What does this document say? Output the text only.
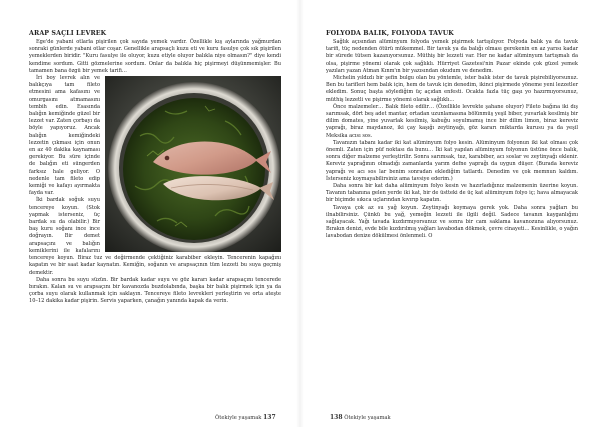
ARAP SAÇLI LEVREK

Ege'de yabani otlarla pişirilen çok sayıda yemek vardır. Özellikle kış aylarında yağmurdan sonraki günlerde yabani otlar coşar. Genellikle arapsaçlı kuzu eti ve kuru fasulye çok sık pişirilen yemeklerden biridir. "Kuru fasulye ile oluyor, kuzu etiyle oluyor balıkla niye olmasın?" diye kendi kendime sordum. Gitti gözmelerine sordum. Onlar da balıkla hiç pişirmeyi düşünmemişler. Bu tamamen bana özgü bir yemek tarifi…

İri boy levrek alın ve balıkçıya tam fileto etmesini ama kafasını ve omurgasını atmamasını tembih edin. Esasında balığın kemiğinde güzel bir lezzet var. Zaten çorbayı da böyle yapıyoruz. Ancak balığın kemiğindeki lezzetin çıkması için onun en az 40 dakika kaynaması gerekiyor. Bu süre içinde de balığın eti süngerden farksız hale geliyor. O nedenle tam fileto edip kemiği ve kafayı ayırmakta fayda var.

İki bardak soğuk suyu tencereye koyun. (Stok yapmak isterseniz, üç bardak su da olabilir.) Bir baş kuru soğanı ince ince doğrayın. Bir demet arapsaçını ve balığın kemiklerini ile kafalarını tencereye koyun. Biraz tuz ve değirmende çektiğiniz karabiber ekleyin. Tencerenin kapağını kapatın ve bir saat kadar kaynatın. Kemiğin, soğanın ve arapsaçının tüm lezzeti bu suya geçmiş demektir.

Daha sonra bu suyu süzün. Bir bardak kadar suyu ve göz kararı kadar arapsaçını tencerede bırakın. Kalan su ve arapsaçını bir kavanozda buzdolabında, başka bir balık pişirmek için ya da çorba suyu olarak kullanmak için saklayın. Tencereye fileto levrekleri yerleştirin ve orta ateşte 10–12 dakika kadar pişirin. Servis yaparken, çanağın yanında kapak da verin.

Ötekiyle yaşamak 137
FOLYODA BALIK, FOLYODA TAVUK

Sağlık açısından alüminyum folyoda yemek pişirmek tartışılıyor. Folyoda balık ya da tavuk tarifi, tüç nedenden ötürü mükemmel. Bir tavuk ya da balığı olması gerekenin en az yarısı kadar bir sürede tütsen kazanıyorsunuz. Müthiş bir lezzeti var. Her ne kadar alüminyum tartışmalı da olsa, pişirme yönemi olarak çok sağlıklı. Hürriyet Gazetesi'nin Pazar ekinde çok güzel yemek yazıları yazan Atman Kınm'ın bir yazısından okudum ve denedim.

Michelin yıldızlı bir şefin bulgu olan bu yöntemle, ister balık ister de tavuk pişirebiliyorsunuz. Ben bu tarifleri hem balık için, hem de tavuk için denedim, ikinci pişirmede yöneme yeni lezzetler ekledim. Sonuç başta söylediğim üç açıdan enfesti. Ocakta fazla tüç gaşı yo hazırmıyorsunuz, müthiş lezzetli ve pişirme yönemi olarak sağlıklı…

Önce malzemeler… Balık fileto edilir… (Özellikle levrekte şahane oluyor) Fileto bağına iki dış sarımsak, dört beş adet mantar, ortadan uzunlamasına bölünmüş yeşil biber, yuvarlak kesilmiş bir dilim domates, yine yuvarlak kesilmiş, kabuğu soyulmamış ince bir dilim limon, biraz kereviz yaprağı, biraz maydanoz, iki çay kaşığı zeytinyağı, göz kararı miktarda kurusu ya da yeşil Meksika acısı sos.

Tavanızın tabanı kadar iki kat alüminyum folyo kesin. Alüminyum folyonun iki kat olması çok önemli. Zaten için püf noktası da bunu… İki kat yapılan alüminyum folyonun üstüne önce balık, sonra diğer malzeme yerleştirilir. Sonra sarımsak, tuz, karabiber, acı soslar ve zeytinyağı eklenir. Kereviz yaprağının olmadığı zamanlarda yarım defne yaprağı da uygun düşer. (Burada kereviz yaprağı ve acı sos lar benim sonradan eklediğim tatlardı. Denedim ve çok memnun kaldım. İsterseniz koymayabilirsiniz ama tavsiye ederim.)

Daha sonra bir kat daha alüminyum folyo kesin ve hazırladığınız malzemenin üzerine koyun. Tavanın tabanına gelen yerde iki kat, bir de üstteki de üç kat alüminyum folyo iç; hava almayacak bir biçimde sıkıca uçlarından kıvırıp kapatın.

Tavaya çok az su yağ koyun. Zeytinyağı koymaya gerek yok. Daha sonra yağları bu ilnabilirsiniz. Çünkü bu yağ, yemeğin lezzeti ile ilgili değil. Sadece tavanın kayganlığını sağlayacak. Yağı tavada kızdırmıyorsunuz ve sonra bir cam saklama kavanozuna alıyorsunuz. Bırakın denizi, evde bile kızdırılmış yağları lavabodan dökmek, çevre cinayeti… Kesinlikle, o yağın lavabodan denize dökülmesi önlenmeli. O

138 Ötekiyle yaşamak
